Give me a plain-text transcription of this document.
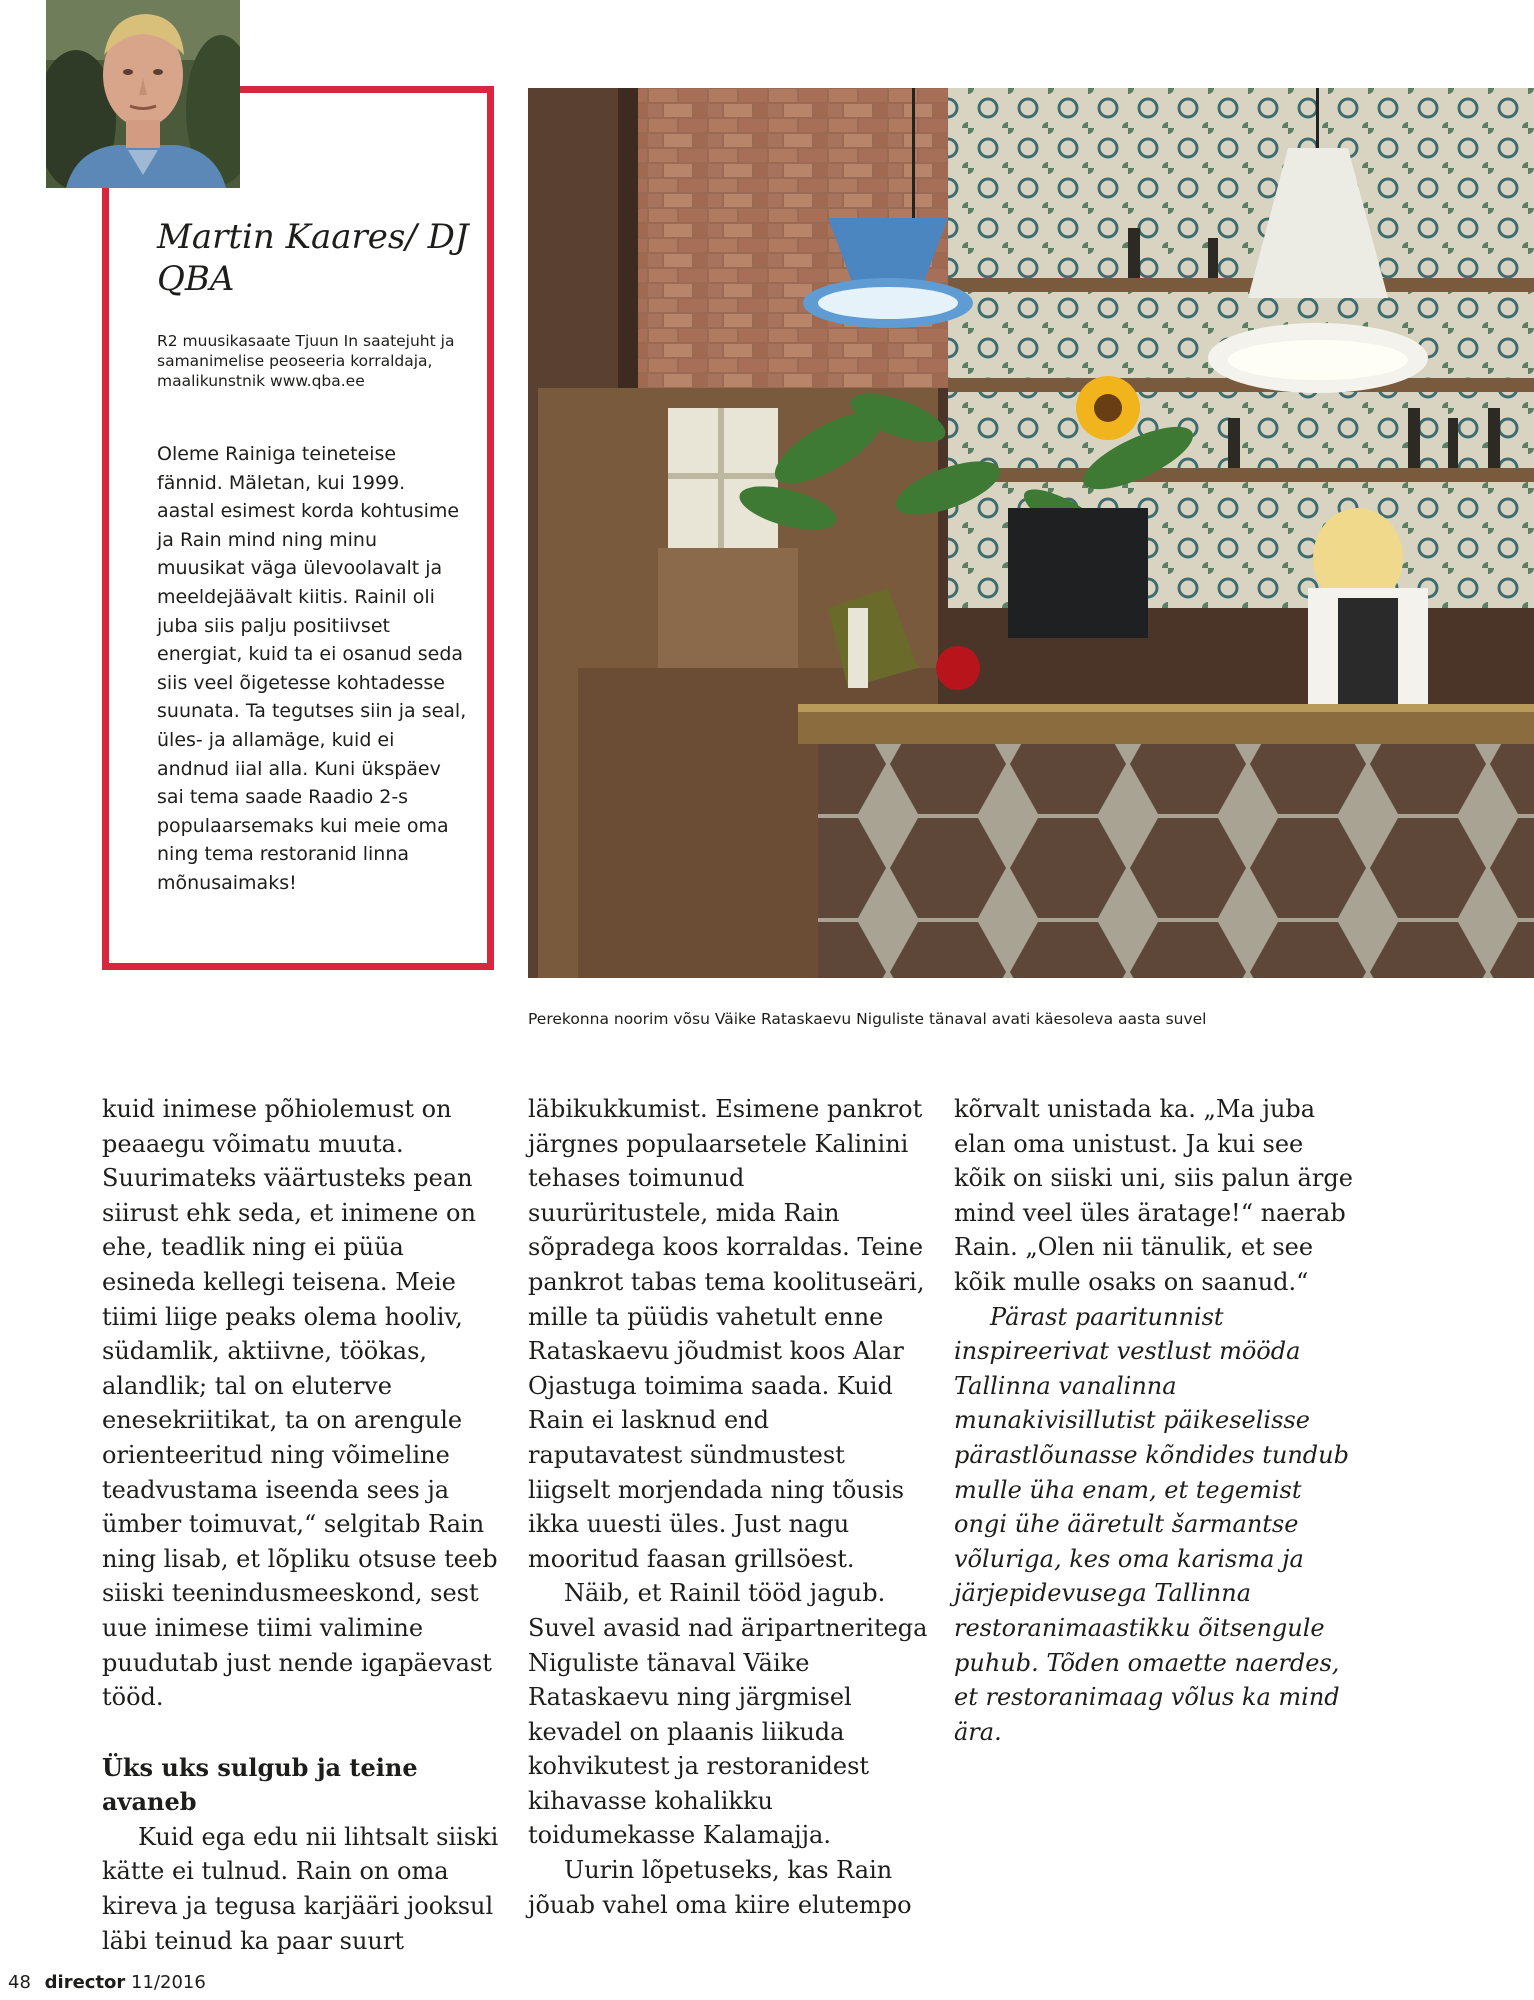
Martin Kaares/ DJ QBA
R2 muusikasaate Tjuun In saatejuht ja samanimelise peoseeria korraldaja, maalikunstnik www.qba.ee
Oleme Rainiga teineteise fännid. Mäletan, kui 1999. aastal esimest korda kohtusime ja Rain mind ning minu muusikat väga ülevoolavalt ja meeldejäävalt kiitis. Rainil oli juba siis palju positiivset energiat, kuid ta ei osanud seda siis veel õigetesse kohtadesse suunata. Ta tegutses siin ja seal, üles- ja allamäge, kuid ei andnud iial alla. Kuni ükspäev sai tema saade Raadio 2-s populaarsemaks kui meie oma ning tema restoranid linna mõnusaimaks!
Perekonna noorim võsu Väike Rataskaevu Niguliste tänaval avati käesoleva aasta suvel

kuid inimese põhiolemust on peaaegu võimatu muuta. Suurimateks väärtusteks pean siirust ehk seda, et inimene on ehe, teadlik ning ei püüa esineda kellegi teisena. Meie tiimi liige peaks olema hooliv, südamlik, aktiivne, töökas, alandlik; tal on eluterve enesekriitikat, ta on arengule orienteeritud ning võimeline teadvustama iseenda sees ja ümber toimuvat,“ selgitab Rain ning lisab, et lõpliku otsuse teeb siiski teenindusmeeskond, sest uue inimese tiimi valimine puudutab just nende igapäevast tööd.

Üks uks sulgub ja teine avaneb

Kuid ega edu nii lihtsalt siiski kätte ei tulnud. Rain on oma kireva ja tegusa karjääri jooksul läbi teinud ka paar suurt

läbikukkumist. Esimene pankrot järgnes populaarsetele Kalinini tehases toimunud suurüritustele, mida Rain sõpradega koos korraldas. Teine pankrot tabas tema koolituseäri, mille ta püüdis vahetult enne Rataskaevu jõudmist koos Alar Ojastuga toimima saada. Kuid Rain ei lasknud end raputavatest sündmustest liigselt morjendada ning tõusis ikka uuesti üles. Just nagu mooritud faasan grillsöest.

Näib, et Rainil tööd jagub. Suvel avasid nad äripartneritega Niguliste tänaval Väike Rataskaevu ning järgmisel kevadel on plaanis liikuda kohvikutest ja restoranidest kihavasse kohalikku toidumekasse Kalamajja.

Uurin lõpetuseks, kas Rain jõuab vahel oma kiire elutempo

kõrvalt unistada ka. „Ma juba elan oma unistust. Ja kui see kõik on siiski uni, siis palun ärge mind veel üles äratage!“ naerab Rain. „Olen nii tänulik, et see kõik mulle osaks on saanud.“

Pärast paaritunnist inspireerivat vestlust mööda Tallinna vanalinna munakivisillutist päikeselisse pärastlõunasse kõndides tundub mulle üha enam, et tegemist ongi ühe ääretult šarmantse võluriga, kes oma karisma ja järjepidevusega Tallinna restoranimaastikku õitsengule puhub. Tõden omaette naerdes, et restoranimaag võlus ka mind ära.

48 director 11/2016
